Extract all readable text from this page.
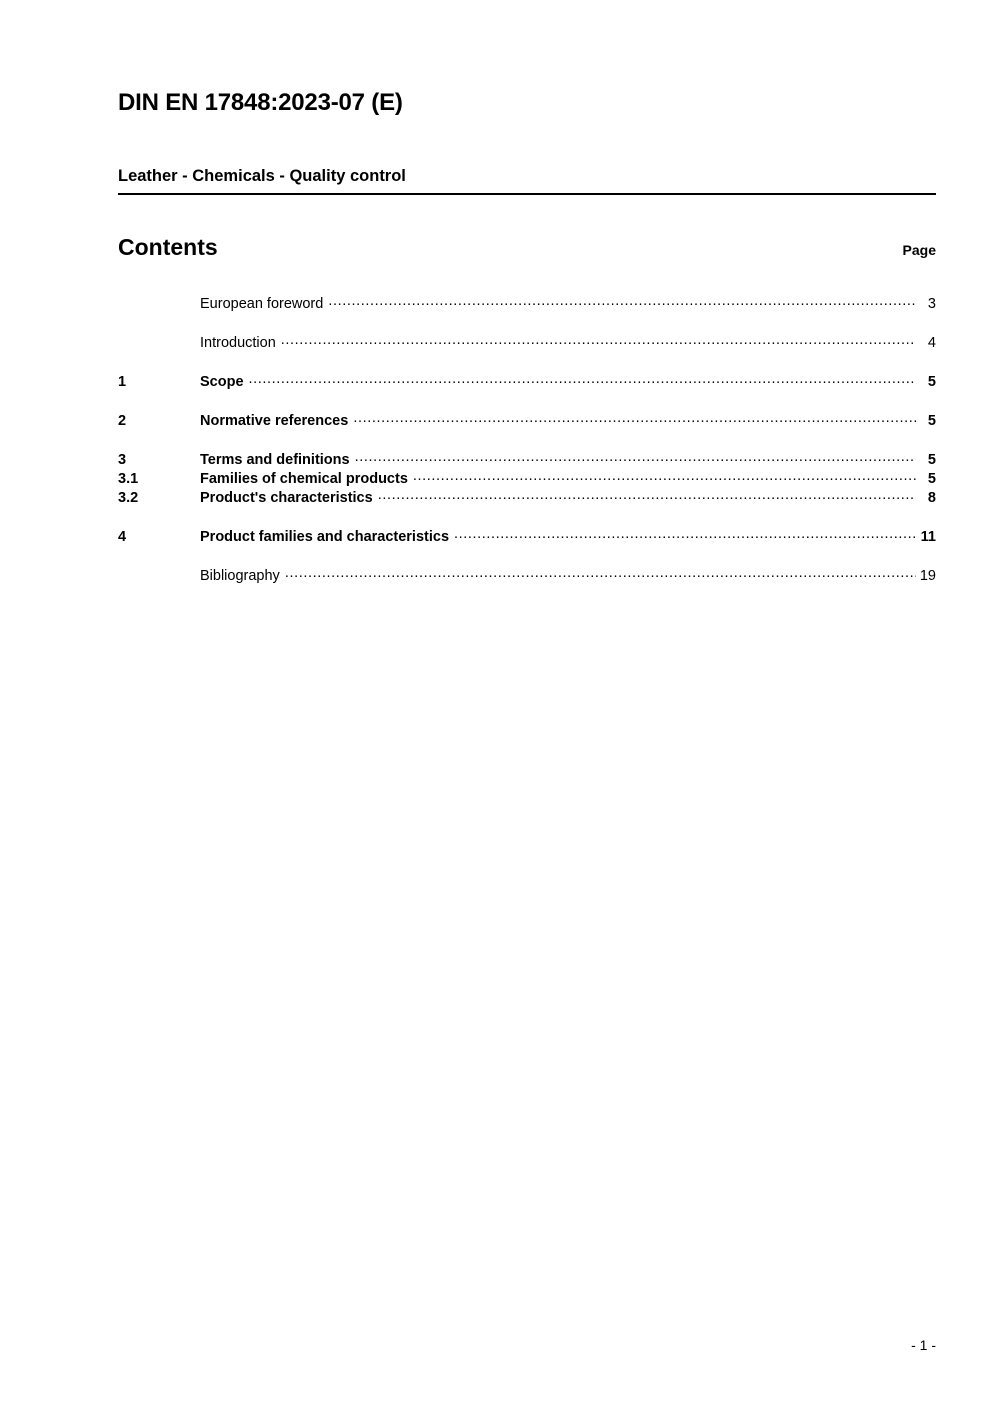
DIN EN 17848:2023-07 (E)
Leather - Chemicals - Quality control
Contents	Page
European foreword .....	3
Introduction .....	4
1	Scope .....	5
2	Normative references .....	5
3	Terms and definitions .....	5
3.1	Families of chemical products .....	5
3.2	Product's characteristics .....	8
4	Product families and characteristics .....	11
Bibliography .....	19
- 1 -
